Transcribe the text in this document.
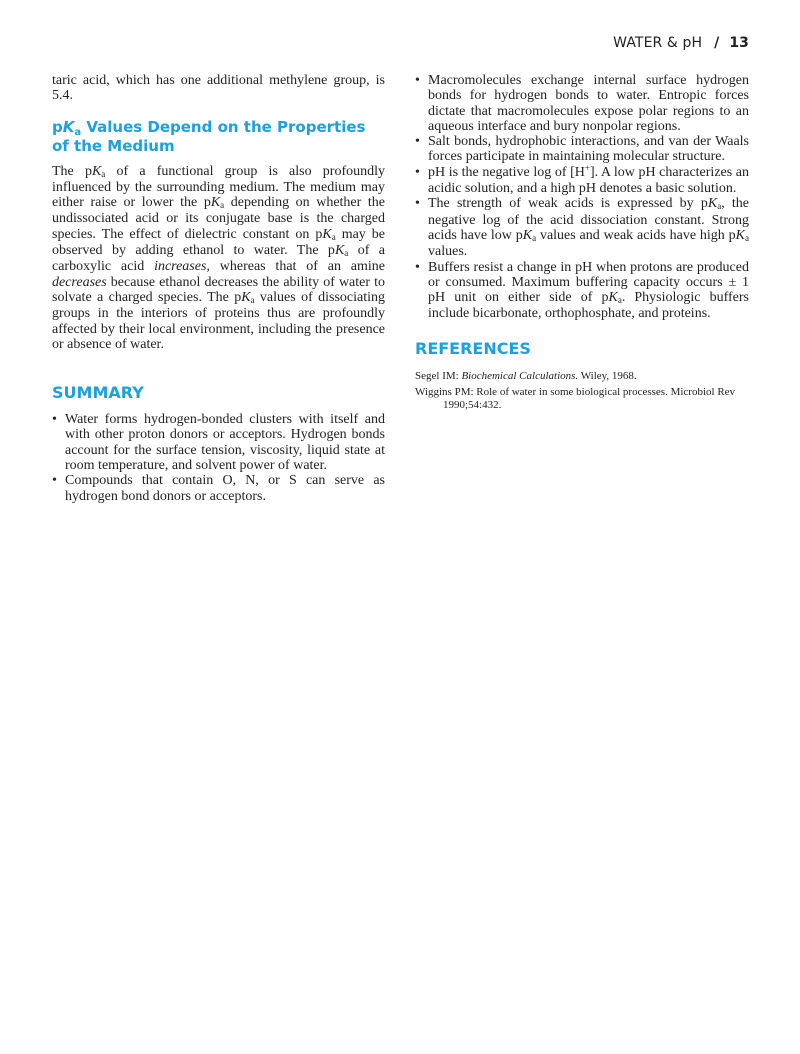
WATER & pH / 13

taric acid, which has one additional methylene group, is 5.4.

$pK_a$ Values Depend on the Properties
of the Medium

The pKa of a functional group is also profoundly influenced by the surrounding medium. The medium may either raise or lower the pKa depending on whether the undissociated acid or its conjugate base is the charged species. The effect of dielectric constant on pKa may be observed by adding ethanol to water. The pKa of a carboxylic acid increases, whereas that of an amine decreases because ethanol decreases the ability of water to solvate a charged species. The pKa values of dissociating groups in the interiors of proteins thus are profoundly affected by their local environment, including the presence or absence of water.

SUMMARY
• Water forms hydrogen-bonded clusters with itself and with other proton donors or acceptors. Hydrogen bonds account for the surface tension, viscosity, liquid state at room temperature, and solvent power of water.
• Compounds that contain O, N, or S can serve as hydrogen bond donors or acceptors.
• Macromolecules exchange internal surface hydrogen bonds for hydrogen bonds to water. Entropic forces dictate that macromolecules expose polar regions to an aqueous interface and bury nonpolar regions.
• Salt bonds, hydrophobic interactions, and van der Waals forces participate in maintaining molecular structure.
• pH is the negative log of [H+]. A low pH characterizes an acidic solution, and a high pH denotes a basic solution.
• The strength of weak acids is expressed by pKa, the negative log of the acid dissociation constant. Strong acids have low pKa values and weak acids have high pKa values.
• Buffers resist a change in pH when protons are produced or consumed. Maximum buffering capacity occurs ± 1 pH unit on either side of pKa. Physiologic buffers include bicarbonate, orthophosphate, and proteins.
REFERENCES

Segel IM: Biochemical Calculations. Wiley, 1968.

Wiggins PM: Role of water in some biological processes. Microbiol Rev 1990;54:432.
